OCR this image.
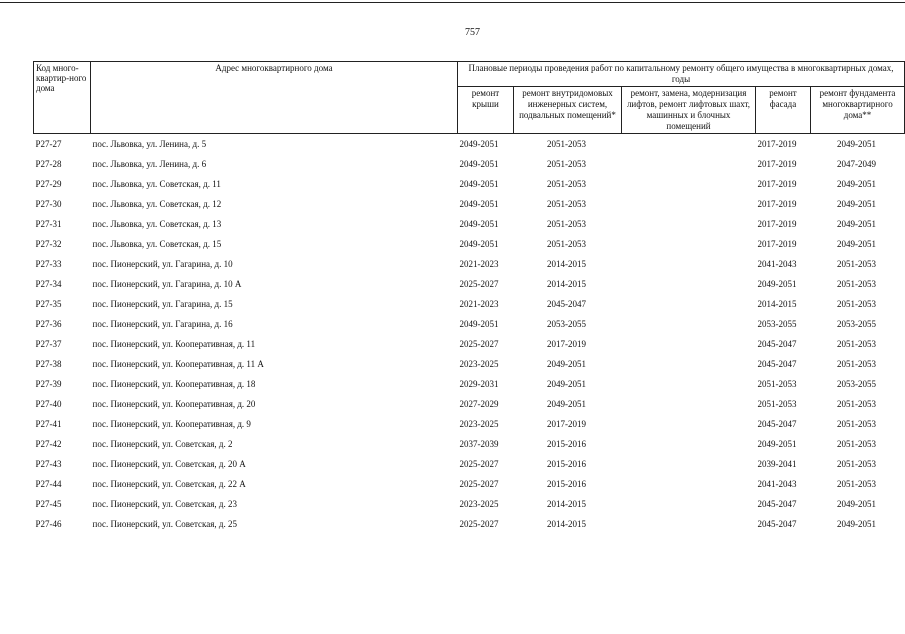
757
Код много-квартир-ного дома	Адрес многоквартирного дома	Плановые периоды проведения работ по капитальному ремонту общего имущества в многоквартирных домах, годы				
		ремонт крыши	ремонт внутридомовых инженерных систем, подвальных помещений*	ремонт, замена, модернизация лифтов, ремонт лифтовых шахт, машинных и блочных помещений	ремонт фасада	ремонт фундамента многоквартирного дома**
Р27-27	пос. Львовка, ул. Ленина, д. 5	2049-2051	2051-2053		2017-2019	2049-2051
Р27-28	пос. Львовка, ул. Ленина, д. 6	2049-2051	2051-2053		2017-2019	2047-2049
Р27-29	пос. Львовка, ул. Советская, д. 11	2049-2051	2051-2053		2017-2019	2049-2051
Р27-30	пос. Львовка, ул. Советская, д. 12	2049-2051	2051-2053		2017-2019	2049-2051
Р27-31	пос. Львовка, ул. Советская, д. 13	2049-2051	2051-2053		2017-2019	2049-2051
Р27-32	пос. Львовка, ул. Советская, д. 15	2049-2051	2051-2053		2017-2019	2049-2051
Р27-33	пос. Пионерский, ул. Гагарина, д. 10	2021-2023	2014-2015		2041-2043	2051-2053
Р27-34	пос. Пионерский, ул. Гагарина, д. 10 А	2025-2027	2014-2015		2049-2051	2051-2053
Р27-35	пос. Пионерский, ул. Гагарина, д. 15	2021-2023	2045-2047		2014-2015	2051-2053
Р27-36	пос. Пионерский, ул. Гагарина, д. 16	2049-2051	2053-2055		2053-2055	2053-2055
Р27-37	пос. Пионерский, ул. Кооперативная, д. 11	2025-2027	2017-2019		2045-2047	2051-2053
Р27-38	пос. Пионерский, ул. Кооперативная, д. 11 А	2023-2025	2049-2051		2045-2047	2051-2053
Р27-39	пос. Пионерский, ул. Кооперативная, д. 18	2029-2031	2049-2051		2051-2053	2053-2055
Р27-40	пос. Пионерский, ул. Кооперативная, д. 20	2027-2029	2049-2051		2051-2053	2051-2053
Р27-41	пос. Пионерский, ул. Кооперативная, д. 9	2023-2025	2017-2019		2045-2047	2051-2053
Р27-42	пос. Пионерский, ул. Советская, д. 2	2037-2039	2015-2016		2049-2051	2051-2053
Р27-43	пос. Пионерский, ул. Советская, д. 20 А	2025-2027	2015-2016		2039-2041	2051-2053
Р27-44	пос. Пионерский, ул. Советская, д. 22 А	2025-2027	2015-2016		2041-2043	2051-2053
Р27-45	пос. Пионерский, ул. Советская, д. 23	2023-2025	2014-2015		2045-2047	2049-2051
Р27-46	пос. Пионерский, ул. Советская, д. 25	2025-2027	2014-2015		2045-2047	2049-2051
